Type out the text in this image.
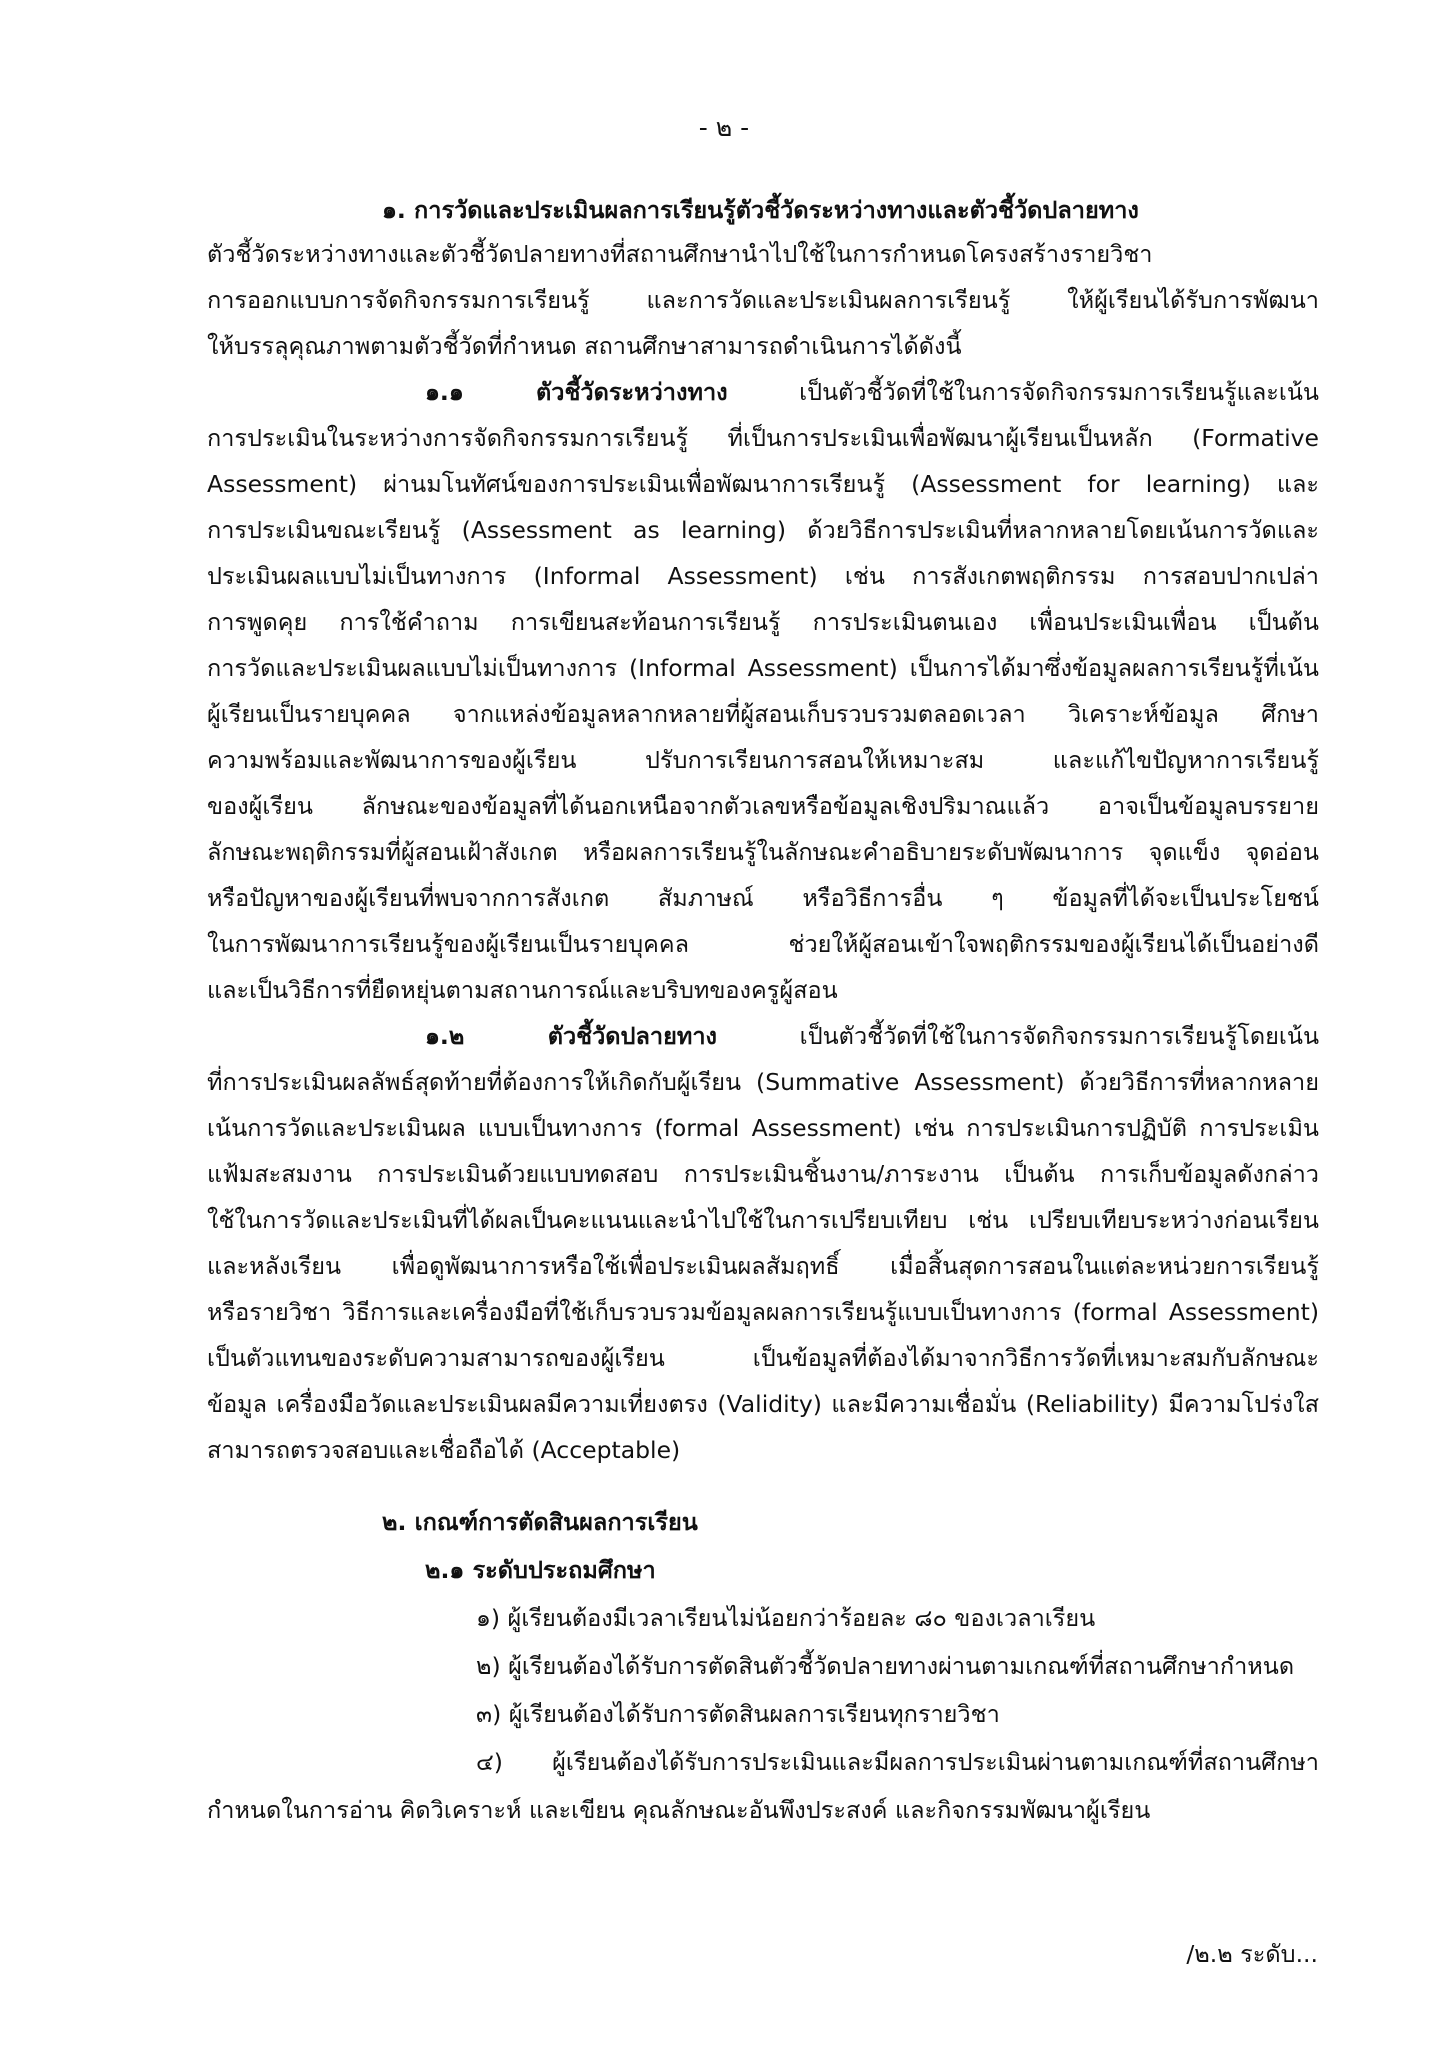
- ๒ -
๑. การวัดและประเมินผลการเรียนรู้ตัวชี้วัดระหว่างทางและตัวชี้วัดปลายทาง
ตัวชี้วัดระหว่างทางและตัวชี้วัดปลายทางที่สถานศึกษานำไปใช้ในการกำหนดโครงสร้างรายวิชา
การออกแบบการจัดกิจกรรมการเรียนรู้ และการวัดและประเมินผลการเรียนรู้ ให้ผู้เรียนได้รับการพัฒนา
ให้บรรลุคุณภาพตามตัวชี้วัดที่กำหนด สถานศึกษาสามารถดำเนินการได้ดังนี้
๑.๑ ตัวชี้วัดระหว่างทาง เป็นตัวชี้วัดที่ใช้ในการจัดกิจกรรมการเรียนรู้และเน้น
การประเมินในระหว่างการจัดกิจกรรมการเรียนรู้ ที่เป็นการประเมินเพื่อพัฒนาผู้เรียนเป็นหลัก (Formative
Assessment) ผ่านมโนทัศน์ของการประเมินเพื่อพัฒนาการเรียนรู้ (Assessment for learning) และ
การประเมินขณะเรียนรู้ (Assessment as learning) ด้วยวิธีการประเมินที่หลากหลายโดยเน้นการวัดและ
ประเมินผลแบบไม่เป็นทางการ (Informal Assessment) เช่น การสังเกตพฤติกรรม การสอบปากเปล่า
การพูดคุย การใช้คำถาม การเขียนสะท้อนการเรียนรู้ การประเมินตนเอง เพื่อนประเมินเพื่อน เป็นต้น
การวัดและประเมินผลแบบไม่เป็นทางการ (Informal Assessment) เป็นการได้มาซึ่งข้อมูลผลการเรียนรู้ที่เน้น
ผู้เรียนเป็นรายบุคคล จากแหล่งข้อมูลหลากหลายที่ผู้สอนเก็บรวบรวมตลอดเวลา วิเคราะห์ข้อมูล ศึกษา
ความพร้อมและพัฒนาการของผู้เรียน ปรับการเรียนการสอนให้เหมาะสม และแก้ไขปัญหาการเรียนรู้
ของผู้เรียน ลักษณะของข้อมูลที่ได้นอกเหนือจากตัวเลขหรือข้อมูลเชิงปริมาณแล้ว อาจเป็นข้อมูลบรรยาย
ลักษณะพฤติกรรมที่ผู้สอนเฝ้าสังเกต หรือผลการเรียนรู้ในลักษณะคำอธิบายระดับพัฒนาการ จุดแข็ง จุดอ่อน
หรือปัญหาของผู้เรียนที่พบจากการสังเกต สัมภาษณ์ หรือวิธีการอื่น ๆ ข้อมูลที่ได้จะเป็นประโยชน์
ในการพัฒนาการเรียนรู้ของผู้เรียนเป็นรายบุคคล ช่วยให้ผู้สอนเข้าใจพฤติกรรมของผู้เรียนได้เป็นอย่างดี
และเป็นวิธีการที่ยืดหยุ่นตามสถานการณ์และบริบทของครูผู้สอน
๑.๒ ตัวชี้วัดปลายทาง เป็นตัวชี้วัดที่ใช้ในการจัดกิจกรรมการเรียนรู้โดยเน้น
ที่การประเมินผลลัพธ์สุดท้ายที่ต้องการให้เกิดกับผู้เรียน (Summative Assessment) ด้วยวิธีการที่หลากหลาย
เน้นการวัดและประเมินผล แบบเป็นทางการ (formal Assessment) เช่น การประเมินการปฏิบัติ การประเมิน
แฟ้มสะสมงาน การประเมินด้วยแบบทดสอบ การประเมินชิ้นงาน/ภาระงาน เป็นต้น การเก็บข้อมูลดังกล่าว
ใช้ในการวัดและประเมินที่ได้ผลเป็นคะแนนและนำไปใช้ในการเปรียบเทียบ เช่น เปรียบเทียบระหว่างก่อนเรียน
และหลังเรียน เพื่อดูพัฒนาการหรือใช้เพื่อประเมินผลสัมฤทธิ์ เมื่อสิ้นสุดการสอนในแต่ละหน่วยการเรียนรู้
หรือรายวิชา วิธีการและเครื่องมือที่ใช้เก็บรวบรวมข้อมูลผลการเรียนรู้แบบเป็นทางการ (formal Assessment)
เป็นตัวแทนของระดับความสามารถของผู้เรียน เป็นข้อมูลที่ต้องได้มาจากวิธีการวัดที่เหมาะสมกับลักษณะ
ข้อมูล เครื่องมือวัดและประเมินผลมีความเที่ยงตรง (Validity) และมีความเชื่อมั่น (Reliability) มีความโปร่งใส
สามารถตรวจสอบและเชื่อถือได้ (Acceptable)
๒. เกณฑ์การตัดสินผลการเรียน
๒.๑ ระดับประถมศึกษา
๑) ผู้เรียนต้องมีเวลาเรียนไม่น้อยกว่าร้อยละ ๘๐ ของเวลาเรียน
๒) ผู้เรียนต้องได้รับการตัดสินตัวชี้วัดปลายทางผ่านตามเกณฑ์ที่สถานศึกษากำหนด
๓) ผู้เรียนต้องได้รับการตัดสินผลการเรียนทุกรายวิชา
๔) ผู้เรียนต้องได้รับการประเมินและมีผลการประเมินผ่านตามเกณฑ์ที่สถานศึกษา
กำหนดในการอ่าน คิดวิเคราะห์ และเขียน คุณลักษณะอันพึงประสงค์ และกิจกรรมพัฒนาผู้เรียน
/๒.๒ ระดับ...
